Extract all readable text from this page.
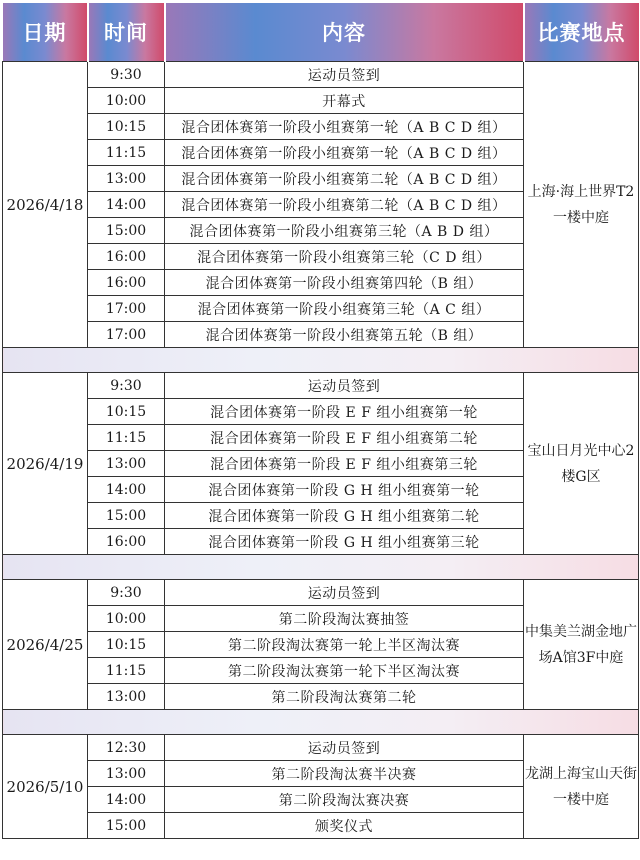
日期	时间	内容	比赛地点
2026/4/18	9:30	运动员签到	上海·海上世界T2一楼中庭
	10:00	开幕式	
	10:15	混合团体赛第一阶段小组赛第一轮（A B C D 组）	
	11:15	混合团体赛第一阶段小组赛第一轮（A B C D 组）	
	13:00	混合团体赛第一阶段小组赛第二轮（A B C D 组）	
	14:00	混合团体赛第一阶段小组赛第二轮（A B C D 组）	
	15:00	混合团体赛第一阶段小组赛第三轮（A B D 组）	
	16:00	混合团体赛第一阶段小组赛第三轮（C D 组）	
	16:00	混合团体赛第一阶段小组赛第四轮（B 组）	
	17:00	混合团体赛第一阶段小组赛第三轮（A C 组）	
	17:00	混合团体赛第一阶段小组赛第五轮（B 组）	

2026/4/19	9:30	运动员签到	宝山日月光中心2楼G区
	10:15	混合团体赛第一阶段 E F 组小组赛第一轮	
	11:15	混合团体赛第一阶段 E F 组小组赛第二轮	
	13:00	混合团体赛第一阶段 E F 组小组赛第三轮	
	14:00	混合团体赛第一阶段 G H 组小组赛第一轮	
	15:00	混合团体赛第一阶段 G H 组小组赛第二轮	
	16:00	混合团体赛第一阶段 G H 组小组赛第三轮	

2026/4/25	9:30	运动员签到	中集美兰湖金地广场A馆3F中庭
	10:00	第二阶段淘汰赛抽签	
	10:15	第二阶段淘汰赛第一轮上半区淘汰赛	
	11:15	第二阶段淘汰赛第一轮下半区淘汰赛	
	13:00	第二阶段淘汰赛第二轮	

2026/5/10	12:30	运动员签到	龙湖上海宝山天街一楼中庭
	13:00	第二阶段淘汰赛半决赛	
	14:00	第二阶段淘汰赛决赛	
	15:00	颁奖仪式	
